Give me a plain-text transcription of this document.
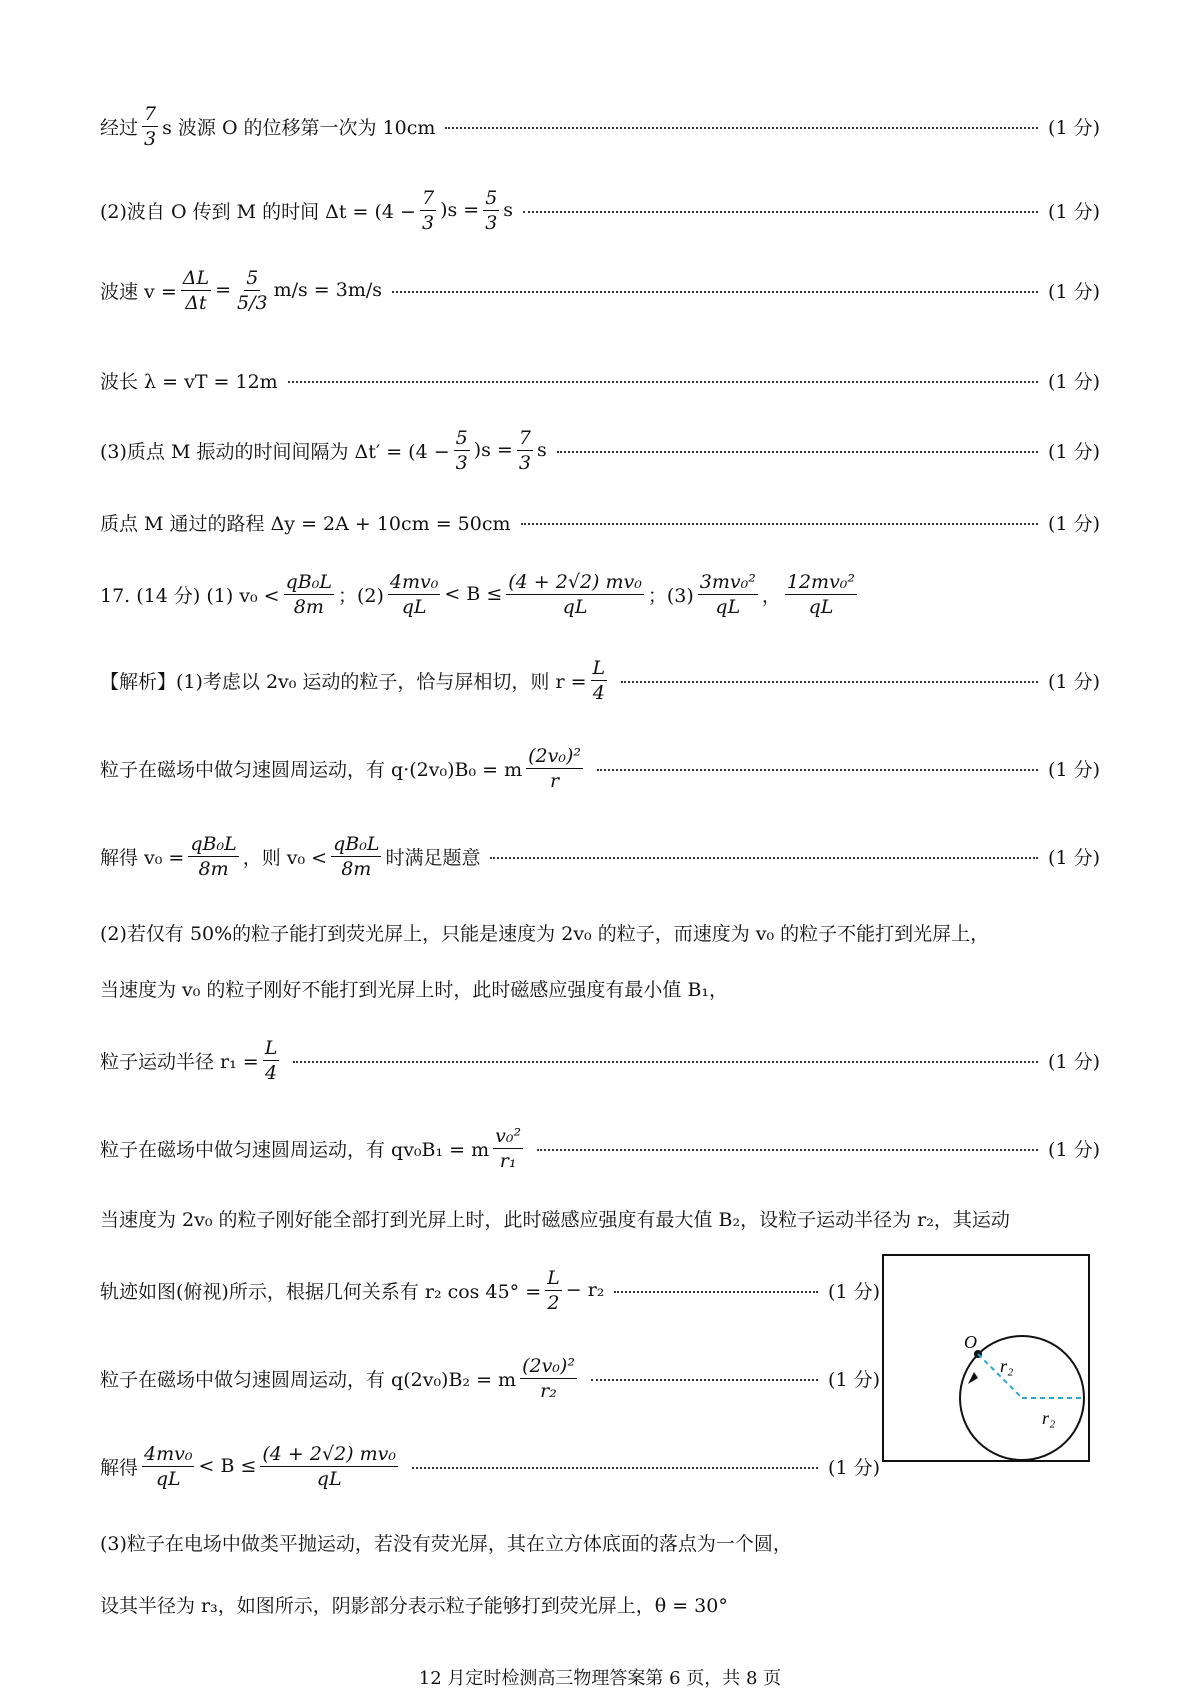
经过 $\frac{7}{3}$ s 波源 O 的位移第一次为 10cm	(1 分)
(2)波自 O 传到 M 的时间 $\Delta t = (4 - \frac{7}{3} )s = \frac{5}{3}$ s	(1 分)
波速 $v = \frac{\Delta L}{\Delta t} = \frac{5}{5/3} m/s = 3m/s$	(1 分)
波长 λ = vT = 12m	(1 分)
(3)质点 M 振动的时间间隔为 $\Delta t' = (4 - \frac{5}{3} )s = \frac{7}{3}$ s	(1 分)
质点 M 通过的路程 Δy = 2A + 10cm = 50cm	(1 分)
17. (14 分) (1) $v_0 < \frac{\text{qB₀L}}{8m}$ ；$(2) \frac{\text{4mv₀}}{qL} < B \le \frac{\text{(4 + 2√2) mv₀}}{qL}$ ；$(3) \frac{\text{3mv₀²}}{qL}$ ， $\frac{\text{12mv₀²}}{qL}$
【解析】(1)考虑以 2v₀ 运动的粒子，恰与屏相切，则 $r = \frac{L}{4}$	(1 分)
粒子在磁场中做匀速圆周运动，有 q·(2v₀)B₀ = m $\frac{\text{(2v₀)²}}{r}$	(1 分)
解得 $v_0 = \frac{\text{qB₀L}}{8m}$ ，则 $v_0 < \frac{\text{qB₀L}}{8m}$ 时满足题意	(1 分)
(2)若仅有 50%的粒子能打到荧光屏上，只能是速度为 2v₀ 的粒子，而速度为 v₀ 的粒子不能打到光屏上，
当速度为 v₀ 的粒子刚好不能打到光屏上时，此时磁感应强度有最小值 B₁，
粒子运动半径 $r_1 = \frac{L}{4}$	(1 分)
粒子在磁场中做匀速圆周运动，有 qv₀B₁ = m $\frac{\text{v₀²}}{\text{r₁}}$	(1 分)
当速度为 2v₀ 的粒子刚好能全部打到光屏上时，此时磁感应强度有最大值 B₂，设粒子运动半径为 r₂，其运动
轨迹如图(俯视)所示，根据几何关系有 r₂ $\cos 45^\circ = \frac{L}{2} - r_2$	(1 分)
粒子在磁场中做匀速圆周运动，有 q(2v₀)B₂ = m $\frac{\text{(2v₀)²}}{\text{r₂}}$	(1 分)
解得 $\frac{\text{4mv₀}}{qL} < B \le \frac{\text{(4 + 2√2) mv₀}}{qL}$	(1 分)
(3)粒子在电场中做类平抛运动，若没有荧光屏，其在立方体底面的落点为一个圆，
设其半径为 r₃，如图所示，阴影部分表示粒子能够打到荧光屏上，θ = 30°
O
r₂
r₂
12 月定时检测高三物理答案第 6 页，共 8 页
